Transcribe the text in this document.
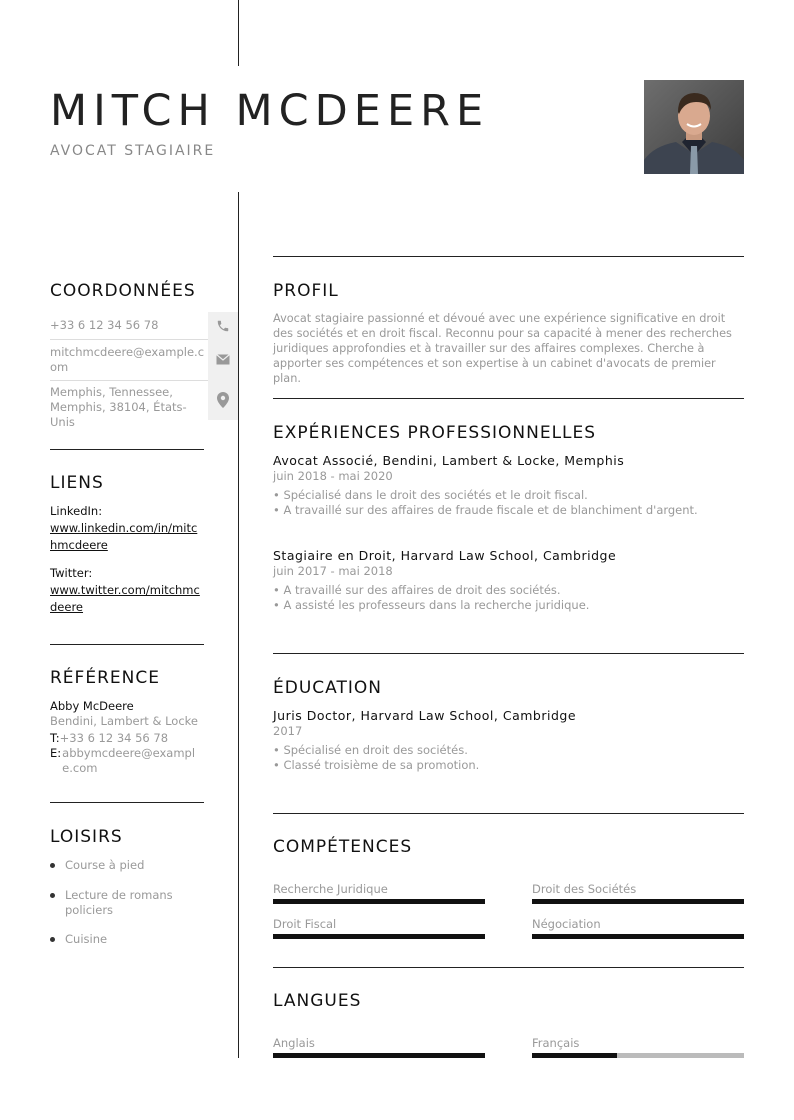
MITCH MCDEERE
AVOCAT STAGIAIRE
COORDONNÉES
+33 6 12 34 56 78
mitchmcdeere@example.com
Memphis, Tennessee, Memphis, 38104, États-Unis
LIENS
LinkedIn:
www.linkedin.com/in/mitchmcdeere
Twitter:
www.twitter.com/mitchmcdeere
RÉFÉRENCE
Abby McDeere
Bendini, Lambert & Locke
T: +33 6 12 34 56 78
E: abbymcdeere@example.com
LOISIRS
Course à pied
Lecture de romans policiers
Cuisine
PROFIL
Avocat stagiaire passionné et dévoué avec une expérience significative en droit des sociétés et en droit fiscal. Reconnu pour sa capacité à mener des recherches juridiques approfondies et à travailler sur des affaires complexes. Cherche à apporter ses compétences et son expertise à un cabinet d'avocats de premier plan.
EXPÉRIENCES PROFESSIONNELLES
Avocat Associé, Bendini, Lambert & Locke, Memphis
juin 2018 - mai 2020
• Spécialisé dans le droit des sociétés et le droit fiscal.
• A travaillé sur des affaires de fraude fiscale et de blanchiment d'argent.
Stagiaire en Droit, Harvard Law School, Cambridge
juin 2017 - mai 2018
• A travaillé sur des affaires de droit des sociétés.
• A assisté les professeurs dans la recherche juridique.
ÉDUCATION
Juris Doctor, Harvard Law School, Cambridge
2017
• Spécialisé en droit des sociétés.
• Classé troisième de sa promotion.
COMPÉTENCES
Recherche Juridique	Droit des Sociétés
Droit Fiscal	Négociation
LANGUES
Anglais	Français
